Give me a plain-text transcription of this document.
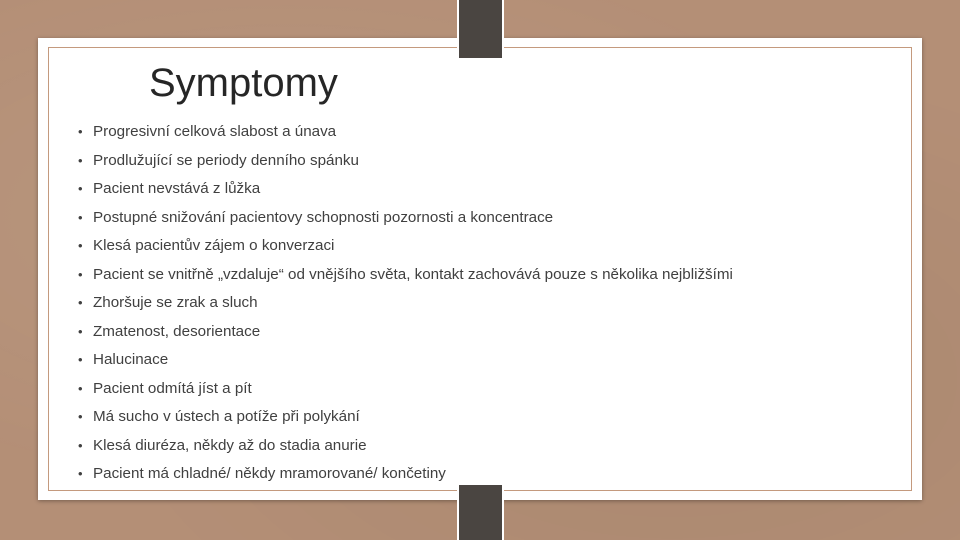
Symptomy
• Progresivní celková slabost a únava
• Prodlužující se periody denního spánku
• Pacient nevstává z lůžka
• Postupné snižování pacientovy schopnosti pozornosti a koncentrace
• Klesá pacientův zájem o konverzaci
• Pacient se vnitřně „vzdaluje“ od vnějšího světa, kontakt zachovává pouze s několika nejbližšími
• Zhoršuje se zrak a sluch
• Zmatenost, desorientace
• Halucinace
• Pacient odmítá jíst a pít
• Má sucho v ústech a potíže při polykání
• Klesá diuréza, někdy až do stadia anurie
• Pacient má chladné/ někdy mramorované/ končetiny
